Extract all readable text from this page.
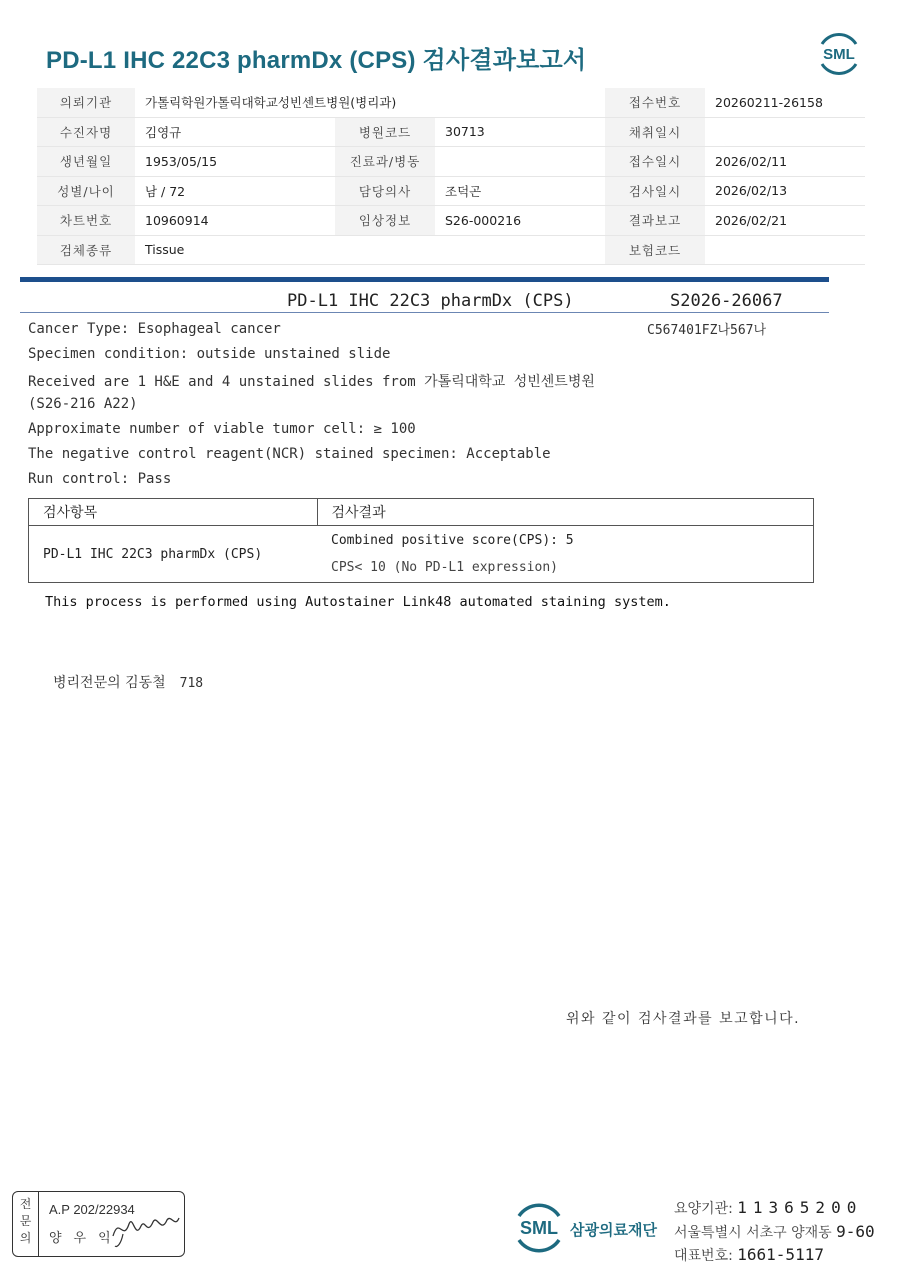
PD-L1 IHC 22C3 pharmDx (CPS) 검사결과보고서	SML
의뢰기관	가톨릭학원가톨릭대학교성빈센트병원(병리과)			접수번호	20260211-26158
수진자명	김영규	병원코드	30713	채취일시	
생년월일	1953/05/15	진료과/병동		접수일시	2026/02/11
성별/나이	남 / 72	담당의사	조덕곤	검사일시	2026/02/13
차트번호	10960914	임상정보	S26-000216	결과보고	2026/02/21
검체종류	Tissue			보험코드	
PD-L1 IHC 22C3 pharmDx (CPS)	S2026-26067
C567401FZ나567나
Cancer Type: Esophageal cancer
Specimen condition: outside unstained slide
Received are 1 H&E and 4 unstained slides from 가톨릭대학교 성빈센트병원
(S26-216 A22)
Approximate number of viable tumor cell: ≥ 100
The negative control reagent(NCR) stained specimen: Acceptable
Run control: Pass
검사항목	검사결과
PD-L1 IHC 22C3 pharmDx (CPS)	Combined positive score(CPS): 5
CPS< 10 (No PD-L1 expression)
This process is performed using Autostainer Link48 automated staining system.
병리전문의 김동철 718
위와 같이 검사결과를 보고합니다.
전
문
의
A.P 202/22934
양우익
SML 삼광의료재단
요양기관: 11365200
서울특별시 서초구 양재동 9-60
대표번호: 1661-5117
